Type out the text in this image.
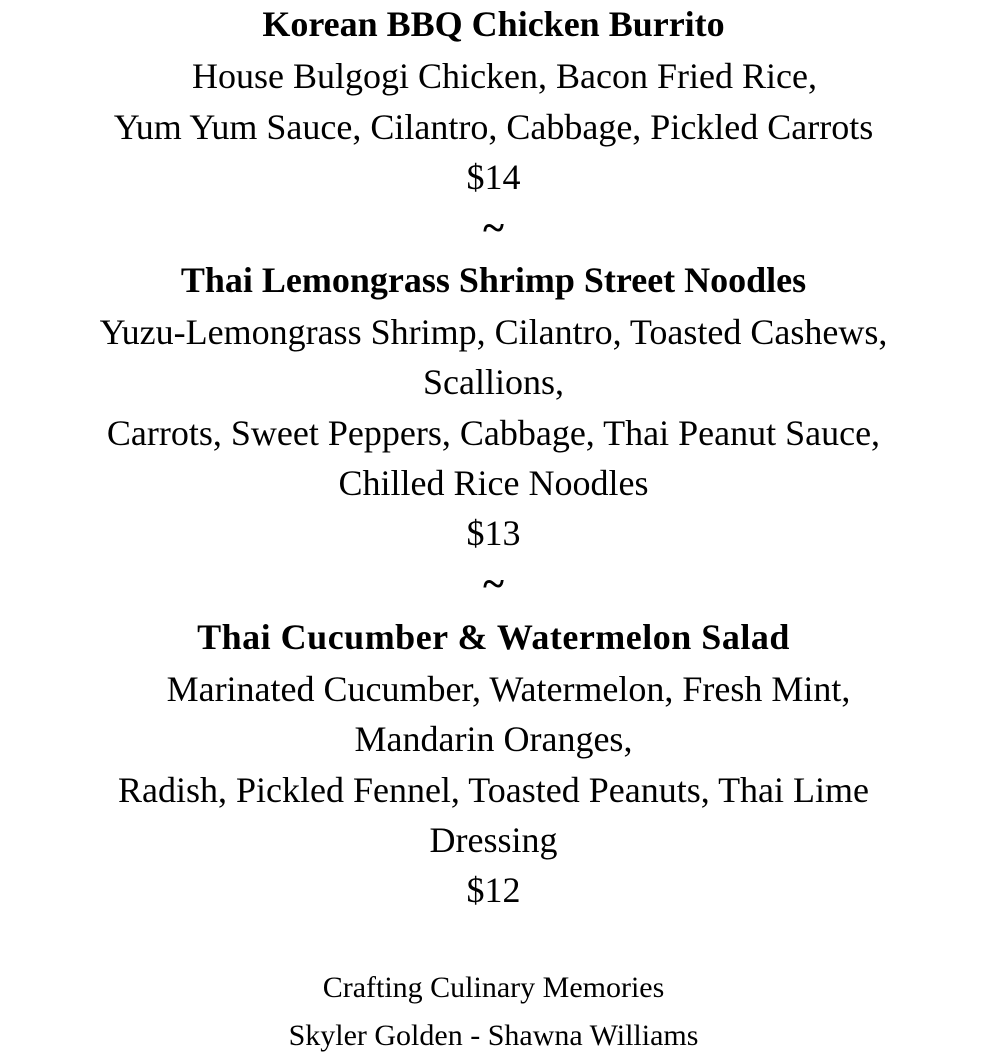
Korean BBQ Chicken Burrito
House Bulgogi Chicken, Bacon Fried Rice,
Yum Yum Sauce, Cilantro, Cabbage, Pickled Carrots
$14
~
Thai Lemongrass Shrimp Street Noodles
Yuzu-Lemongrass Shrimp, Cilantro, Toasted Cashews,
Scallions,
Carrots, Sweet Peppers, Cabbage, Thai Peanut Sauce,
Chilled Rice Noodles
$13
~
Thai Cucumber & Watermelon Salad
Marinated Cucumber, Watermelon, Fresh Mint,
Mandarin Oranges,
Radish, Pickled Fennel, Toasted Peanuts, Thai Lime
Dressing
$12
Crafting Culinary Memories
Skyler Golden - Shawna Williams
